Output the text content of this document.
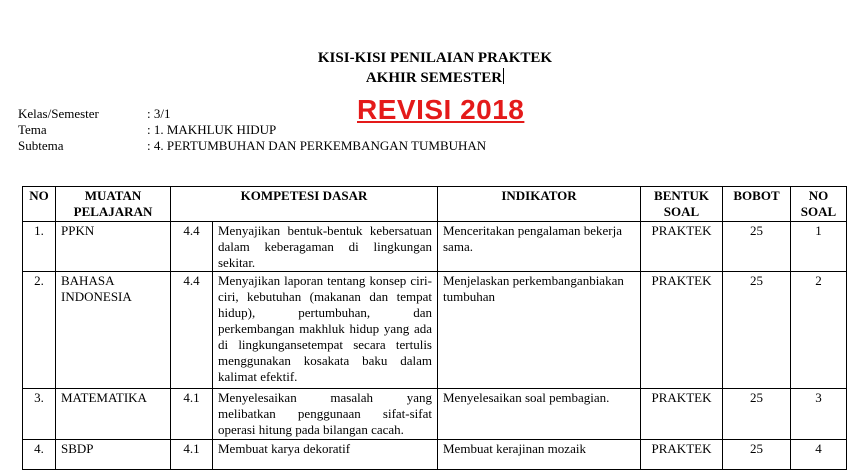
KISI-KISI PENILAIAN PRAKTEK
AKHIR SEMESTER
REVISI 2018
Kelas/Semester	: 3/1
Tema	: 1. MAKHLUK HIDUP
Subtema	: 4. PERTUMBUHAN DAN PERKEMBANGAN TUMBUHAN
NO	MUATAN PELAJARAN	KOMPETESI DASAR		INDIKATOR	BENTUK SOAL	BOBOT	NO SOAL
1.	PPKN	4.4	Menyajikan bentuk-bentuk kebersatuan dalam keberagaman di lingkungan sekitar.	Menceritakan pengalaman bekerja sama.	PRAKTEK	25	1
2.	BAHASA INDONESIA	4.4	Menyajikan laporan tentang konsep ciri-ciri, kebutuhan (makanan dan tempat hidup), pertumbuhan, dan perkembangan makhluk hidup yang ada di lingkungansetempat secara tertulis menggunakan kosakata baku dalam kalimat efektif.	Menjelaskan perkembanganbiakan tumbuhan	PRAKTEK	25	2
3.	MATEMATIKA	4.1	Menyelesaikan masalah yang melibatkan penggunaan sifat-sifat operasi hitung pada bilangan cacah.	Menyelesaikan soal pembagian.	PRAKTEK	25	3
4.	SBDP	4.1	Membuat karya dekoratif	Membuat kerajinan mozaik	PRAKTEK	25	4
